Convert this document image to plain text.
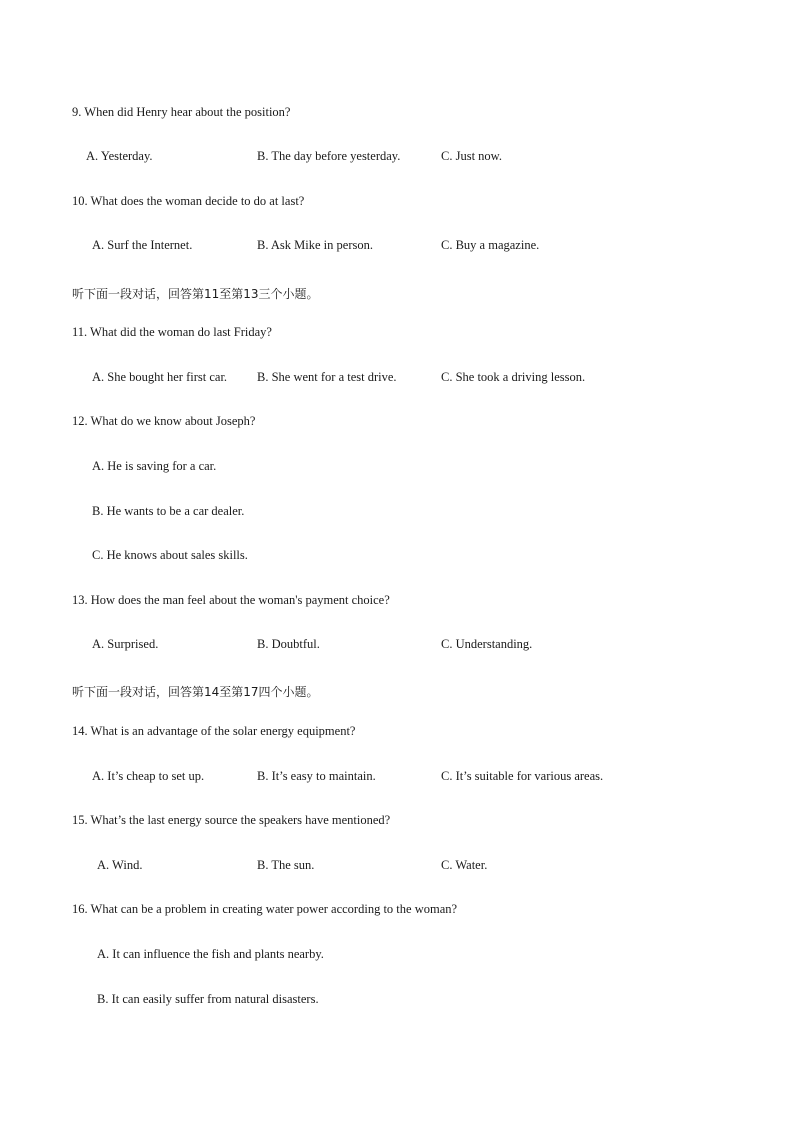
9. When did Henry hear about the position?
A. Yesterday.	B. The day before yesterday.	C. Just now.
10. What does the woman decide to do at last?
A. Surf the Internet.	B. Ask Mike in person.	C. Buy a magazine.
听下面一段对话，回答第11至第13三个小题。
11. What did the woman do last Friday?
A. She bought her first car. B. She went for a test drive.	C. She took a driving lesson.
12. What do we know about Joseph?
A. He is saving for a car.
B. He wants to be a car dealer.
C. He knows about sales skills.
13. How does the man feel about the woman's payment choice?
A. Surprised.	B. Doubtful.	C. Understanding.
听下面一段对话，回答第14至第17四个小题。
14. What is an advantage of the solar energy equipment?
A. It’s cheap to set up.	B. It’s easy to maintain.	C. It’s suitable for various areas.
15. What’s the last energy source the speakers have mentioned?
A. Wind.	B. The sun.	C. Water.
16. What can be a problem in creating water power according to the woman?
A. It can influence the fish and plants nearby.
B. It can easily suffer from natural disasters.
